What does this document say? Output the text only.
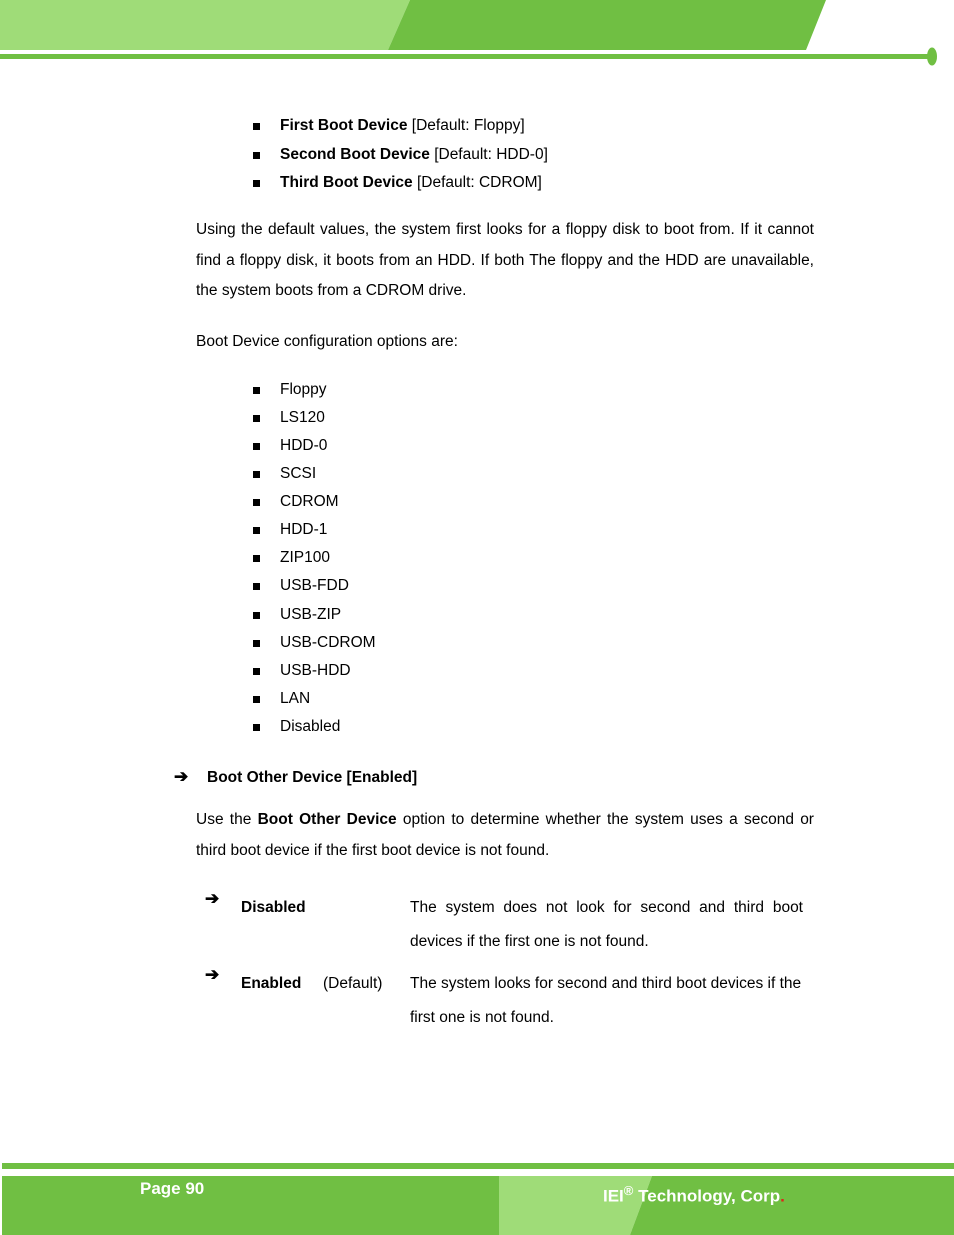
First Boot Device [Default: Floppy]
Second Boot Device [Default: HDD-0]
Third Boot Device [Default: CDROM]
Using the default values, the system first looks for a floppy disk to boot from. If it cannot find a floppy disk, it boots from an HDD. If both The floppy and the HDD are unavailable, the system boots from a CDROM drive.
Boot Device configuration options are:
Floppy
LS120
HDD-0
SCSI
CDROM
HDD-1
ZIP100
USB-FDD
USB-ZIP
USB-CDROM
USB-HDD
LAN
Disabled
➔ Boot Other Device [Enabled]
Use the Boot Other Device option to determine whether the system uses a second or third boot device if the first boot device is not found.
➔ Disabled	The system does not look for second and third boot devices if the first one is not found.
➔ Enabled (Default) The system looks for second and third boot devices if the first one is not found.
Page 90	IEI® Technology, Corp.
